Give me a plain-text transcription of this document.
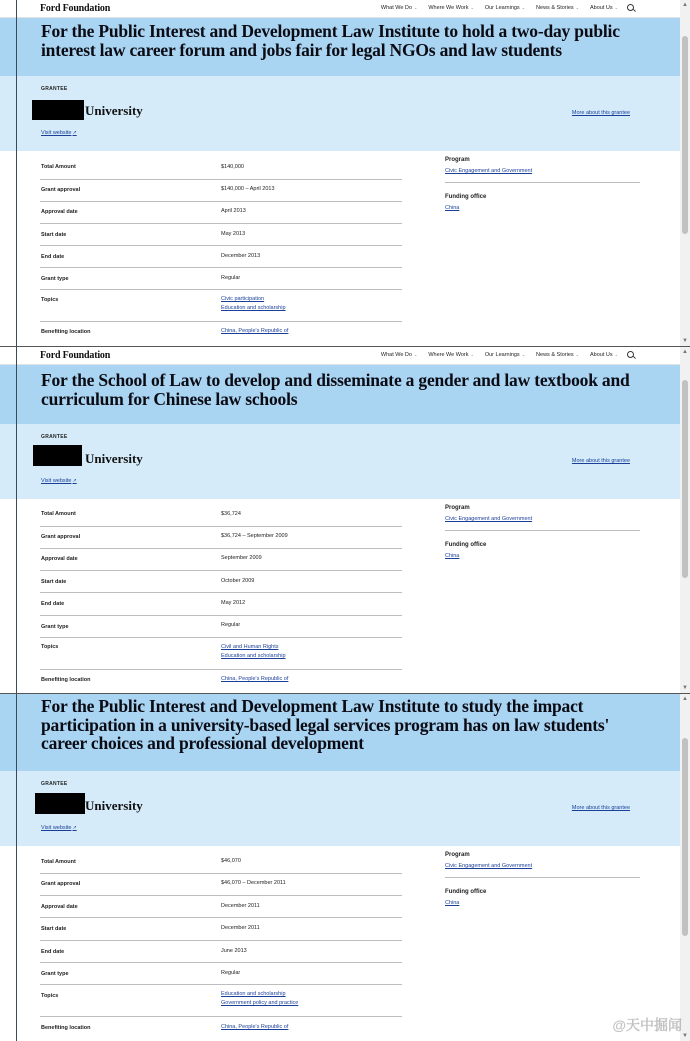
Ford Foundation	What We Do ⌄ Where We Work ⌄ Our Learnings ⌄ News & Stories ⌄ About Us ⌄
For the Public Interest and Development Law Institute to hold a two-day public interest law career forum and jobs fair for legal NGOs and law students
GRANTEE
University
Visit website↗
More about this grantee
Total Amount	$140,000
Grant approval	$140,000 – April 2013
Approval date	April 2013
Start date	May 2013
End date	December 2013
Grant type	Regular
Topics	Civic participation
Education and scholarship
Benefiting location	China, People's Republic of
Program
Civic Engagement and Government
Funding office
China
▲
▼
Ford Foundation	What We Do ⌄ Where We Work ⌄ Our Learnings ⌄ News & Stories ⌄ About Us ⌄
For the School of Law to develop and disseminate a gender and law textbook and curriculum for Chinese law schools
GRANTEE
University
Visit website↗
More about this grantee
Total Amount	$36,724
Grant approval	$36,724 – September 2009
Approval date	September 2009
Start date	October 2009
End date	May 2012
Grant type	Regular
Topics	Civil and Human Rights
Education and scholarship
Benefiting location	China, People's Republic of
Program
Civic Engagement and Government
Funding office
China
▲
▼
For the Public Interest and Development Law Institute to study the impact participation in a university-based legal services program has on law students' career choices and professional development
GRANTEE
University
Visit website↗
More about this grantee
Total Amount	$46,070
Grant approval	$46,070 – December 2011
Approval date	December 2011
Start date	December 2011
End date	June 2013
Grant type	Regular
Topics	Education and scholarship
Government policy and practice
Benefiting location	China, People's Republic of
Program
Civic Engagement and Government
Funding office
China
▲
▼
@天中掘闻
